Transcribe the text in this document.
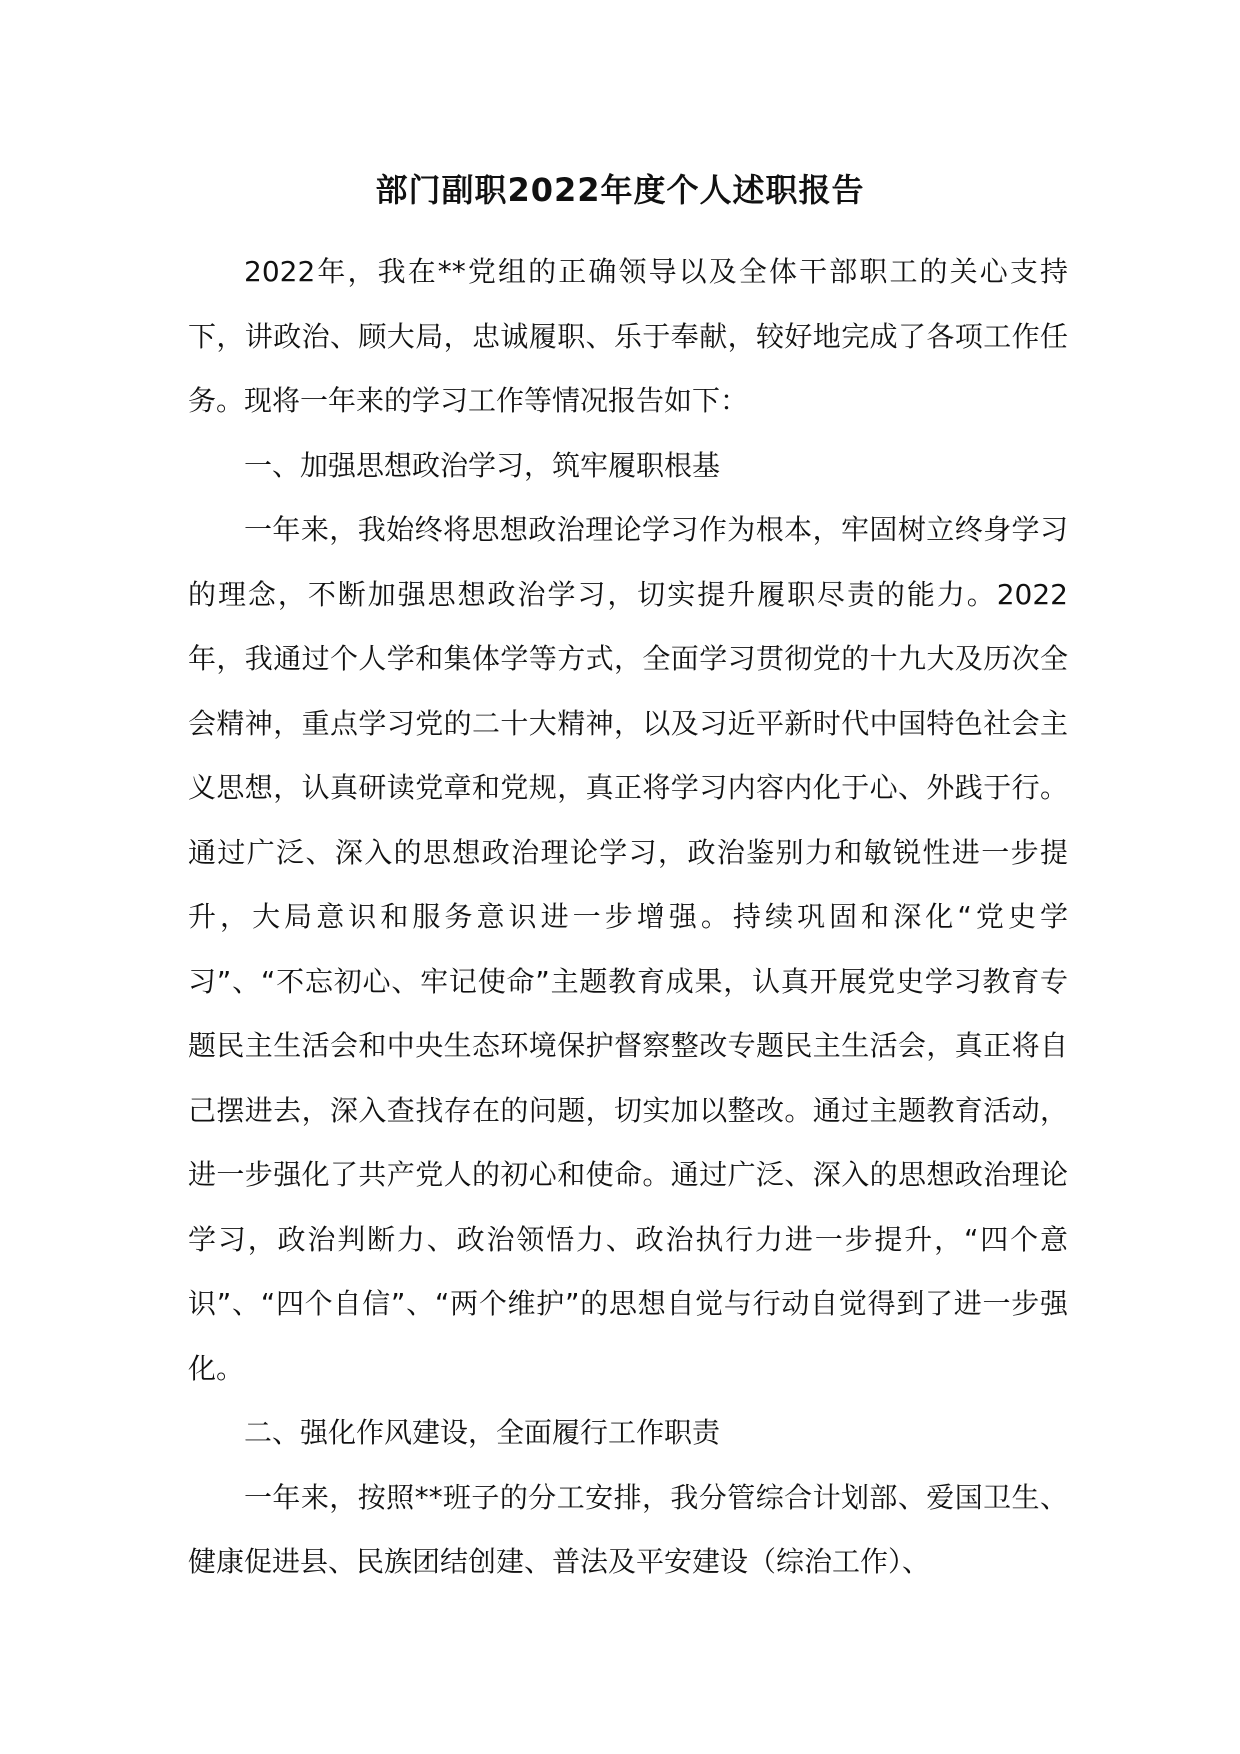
部门副职2022年度个人述职报告

2022年，我在**党组的正确领导以及全体干部职工的关心支持下，讲政治、顾大局，忠诚履职、乐于奉献，较好地完成了各项工作任务。现将一年来的学习工作等情况报告如下：

一、加强思想政治学习，筑牢履职根基

一年来，我始终将思想政治理论学习作为根本，牢固树立终身学习的理念，不断加强思想政治学习，切实提升履职尽责的能力。2022年，我通过个人学和集体学等方式，全面学习贯彻党的十九大及历次全会精神，重点学习党的二十大精神，以及习近平新时代中国特色社会主义思想，认真研读党章和党规，真正将学习内容内化于心、外践于行。通过广泛、深入的思想政治理论学习，政治鉴别力和敏锐性进一步提升，大局意识和服务意识进一步增强。持续巩固和深化“党史学习”、“不忘初心、牢记使命”主题教育成果，认真开展党史学习教育专题民主生活会和中央生态环境保护督察整改专题民主生活会，真正将自己摆进去，深入查找存在的问题，切实加以整改。通过主题教育活动，进一步强化了共产党人的初心和使命。通过广泛、深入的思想政治理论学习，政治判断力、政治领悟力、政治执行力进一步提升，“四个意识”、“四个自信”、“两个维护”的思想自觉与行动自觉得到了进一步强化。

二、强化作风建设，全面履行工作职责

一年来，按照**班子的分工安排，我分管综合计划部、爱国卫生、健康促进县、民族团结创建、普法及平安建设（综治工作）、
